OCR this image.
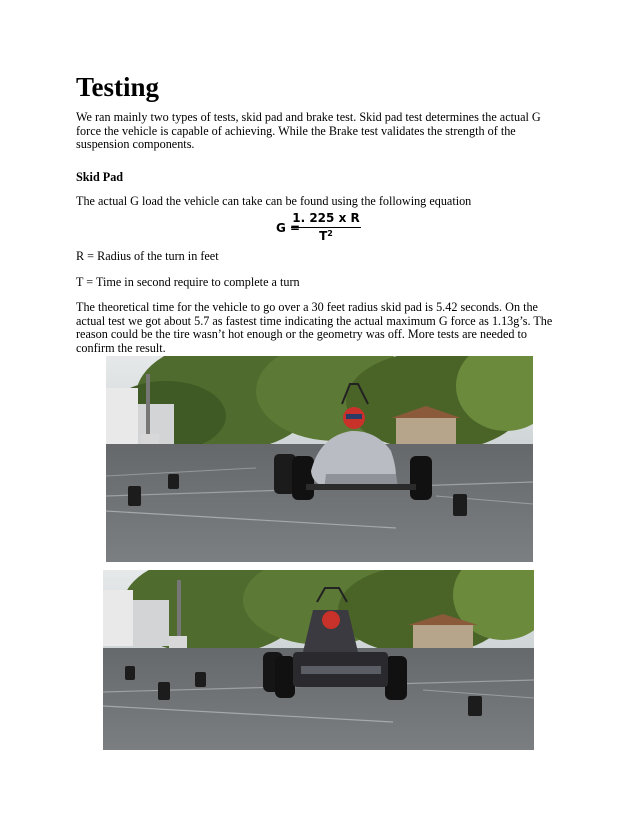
Testing

We ran mainly two types of tests, skid pad and brake test. Skid pad test determines the actual G force the vehicle is capable of achieving. While the Brake test validates the strength of the suspension components.

Skid Pad

The actual G load the vehicle can take can be found using the following equation

G =
$\frac{\text{1. 225 x R}}{T^2}$

R = Radius of the turn in feet

T = Time in second require to complete a turn

The theoretical time for the vehicle to go over a 30 feet radius skid pad is 5.42 seconds. On the actual test we got about 5.7 as fastest time indicating the actual maximum G force as 1.13g’s. The reason could be the tire wasn’t hot enough or the geometry was off. More tests are needed to confirm the result.
